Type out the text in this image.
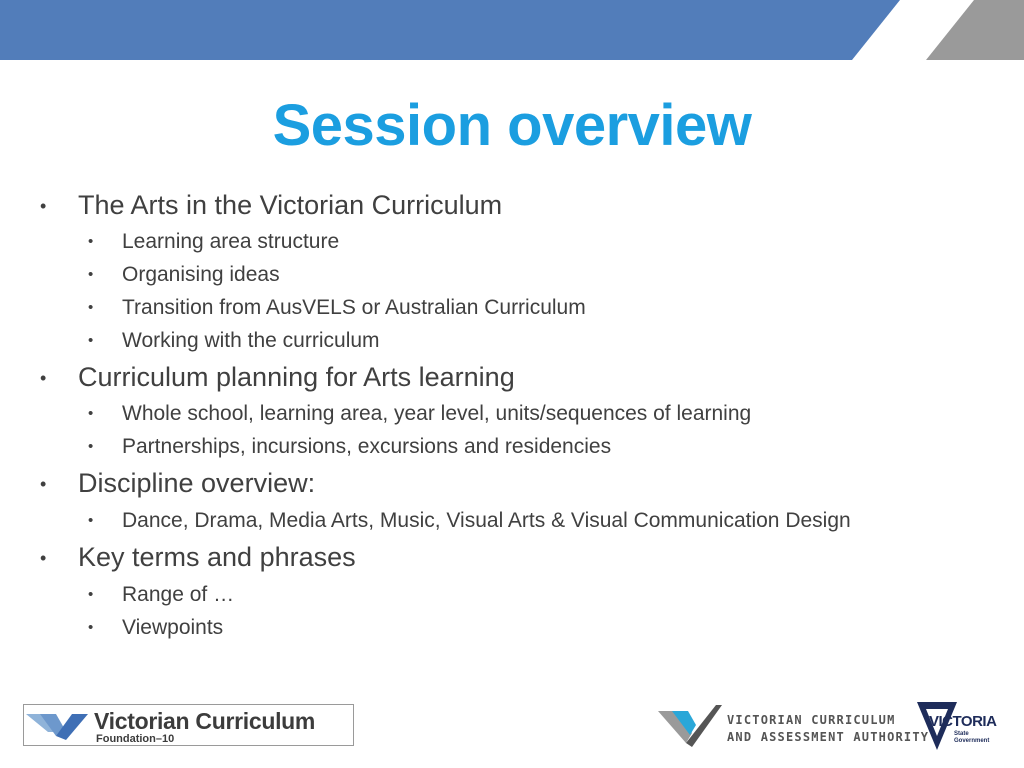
Session overview
• The Arts in the Victorian Curriculum
• Learning area structure
• Organising ideas
• Transition from AusVELS or Australian Curriculum
• Working with the curriculum
• Curriculum planning for Arts learning
• Whole school, learning area, year level, units/sequences of learning
• Partnerships, incursions, excursions and residencies
• Discipline overview:
• Dance, Drama, Media Arts, Music, Visual Arts & Visual Communication Design
• Key terms and phrases
• Range of …
• Viewpoints
Victorian Curriculum
Foundation–10
VICTORIAN CURRICULUM
AND ASSESSMENT AUTHORITY
VICTORIA
State
Government
